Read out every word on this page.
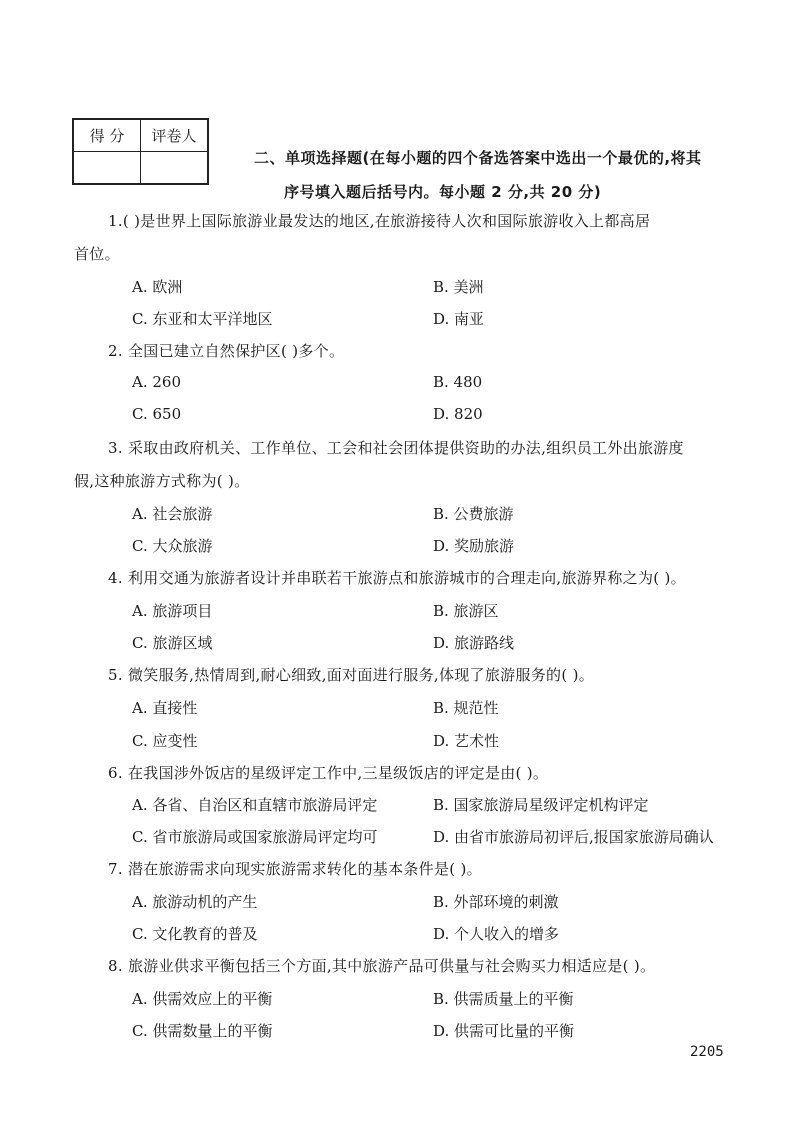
得 分	评卷人

二、单项选择题(在每小题的四个备选答案中选出一个最优的,将其
序号填入题后括号内。每小题 2 分,共 20 分)
1.( )是世界上国际旅游业最发达的地区,在旅游接待人次和国际旅游收入上都高居
首位。
A. 欧洲	B. 美洲
C. 东亚和太平洋地区	D. 南亚
2. 全国已建立自然保护区( )多个。
A. 260	B. 480
C. 650	D. 820
3. 采取由政府机关、工作单位、工会和社会团体提供资助的办法,组织员工外出旅游度
假,这种旅游方式称为( )。
A. 社会旅游	B. 公费旅游
C. 大众旅游	D. 奖励旅游
4. 利用交通为旅游者设计并串联若干旅游点和旅游城市的合理走向,旅游界称之为( )。
A. 旅游项目	B. 旅游区
C. 旅游区域	D. 旅游路线
5. 微笑服务,热情周到,耐心细致,面对面进行服务,体现了旅游服务的( )。
A. 直接性	B. 规范性
C. 应变性	D. 艺术性
6. 在我国涉外饭店的星级评定工作中,三星级饭店的评定是由( )。
A. 各省、自治区和直辖市旅游局评定	B. 国家旅游局星级评定机构评定
C. 省市旅游局或国家旅游局评定均可	D. 由省市旅游局初评后,报国家旅游局确认
7. 潜在旅游需求向现实旅游需求转化的基本条件是( )。
A. 旅游动机的产生	B. 外部环境的刺激
C. 文化教育的普及	D. 个人收入的增多
8. 旅游业供求平衡包括三个方面,其中旅游产品可供量与社会购买力相适应是( )。
A. 供需效应上的平衡	B. 供需质量上的平衡
C. 供需数量上的平衡	D. 供需可比量的平衡
2205
